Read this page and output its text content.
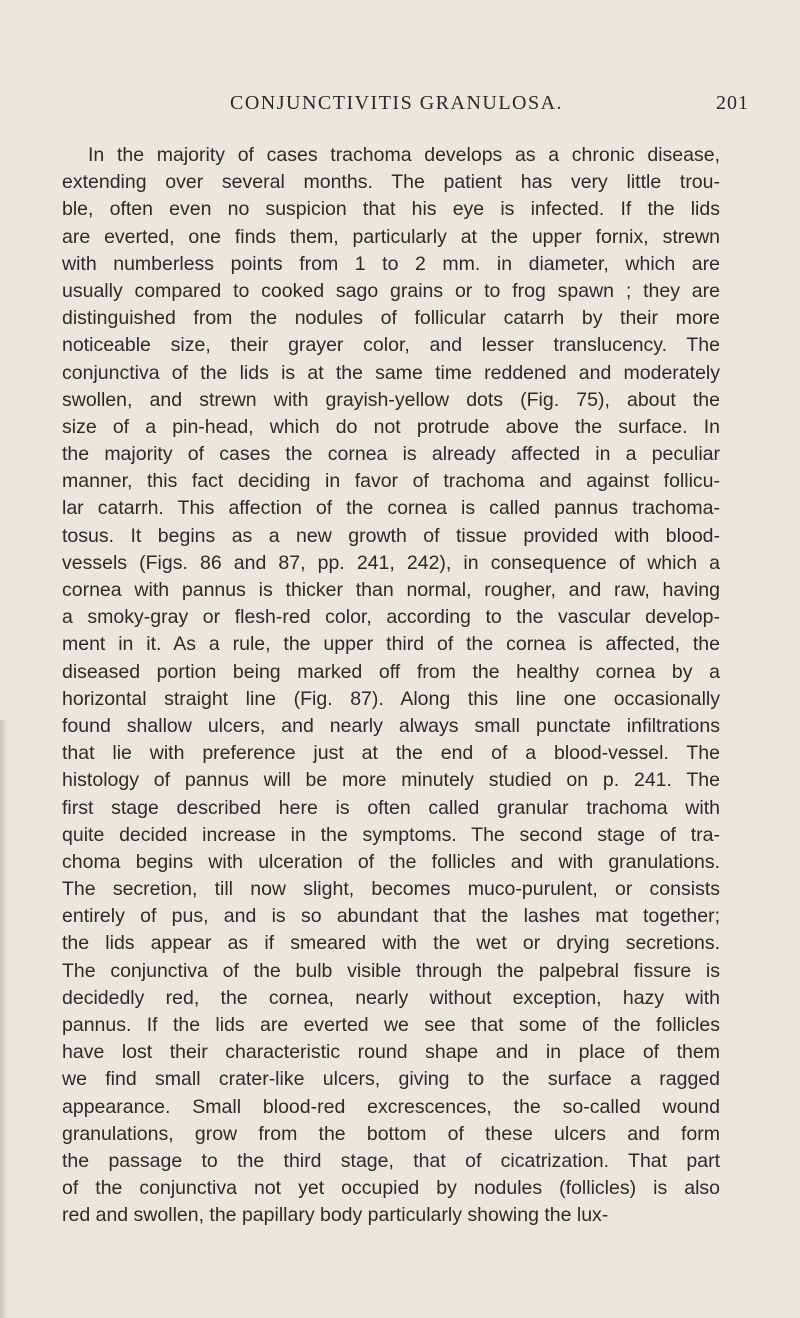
CONJUNCTIVITIS GRANULOSA.	201
In the majority of cases trachoma develops as a chronic disease,
extending over several months. The patient has very little trou-
ble, often even no suspicion that his eye is infected. If the lids
are everted, one finds them, particularly at the upper fornix, strewn
with numberless points from 1 to 2 mm. in diameter, which are
usually compared to cooked sago grains or to frog spawn ; they are
distinguished from the nodules of follicular catarrh by their more
noticeable size, their grayer color, and lesser translucency. The
conjunctiva of the lids is at the same time reddened and moderately
swollen, and strewn with grayish-yellow dots (Fig. 75), about the
size of a pin-head, which do not protrude above the surface. In
the majority of cases the cornea is already affected in a peculiar
manner, this fact deciding in favor of trachoma and against follicu-
lar catarrh. This affection of the cornea is called pannus trachoma-
tosus. It begins as a new growth of tissue provided with blood-
vessels (Figs. 86 and 87, pp. 241, 242), in consequence of which a
cornea with pannus is thicker than normal, rougher, and raw, having
a smoky-gray or flesh-red color, according to the vascular develop-
ment in it. As a rule, the upper third of the cornea is affected, the
diseased portion being marked off from the healthy cornea by a
horizontal straight line (Fig. 87). Along this line one occasionally
found shallow ulcers, and nearly always small punctate infiltrations
that lie with preference just at the end of a blood-vessel. The
histology of pannus will be more minutely studied on p. 241. The
first stage described here is often called granular trachoma with
quite decided increase in the symptoms. The second stage of tra-
choma begins with ulceration of the follicles and with granulations.
The secretion, till now slight, becomes muco-purulent, or consists
entirely of pus, and is so abundant that the lashes mat together;
the lids appear as if smeared with the wet or drying secretions.
The conjunctiva of the bulb visible through the palpebral fissure is
decidedly red, the cornea, nearly without exception, hazy with
pannus. If the lids are everted we see that some of the follicles
have lost their characteristic round shape and in place of them
we find small crater-like ulcers, giving to the surface a ragged
appearance. Small blood-red excrescences, the so-called wound
granulations, grow from the bottom of these ulcers and form
the passage to the third stage, that of cicatrization. That part
of the conjunctiva not yet occupied by nodules (follicles) is also
red and swollen, the papillary body particularly showing the lux-
